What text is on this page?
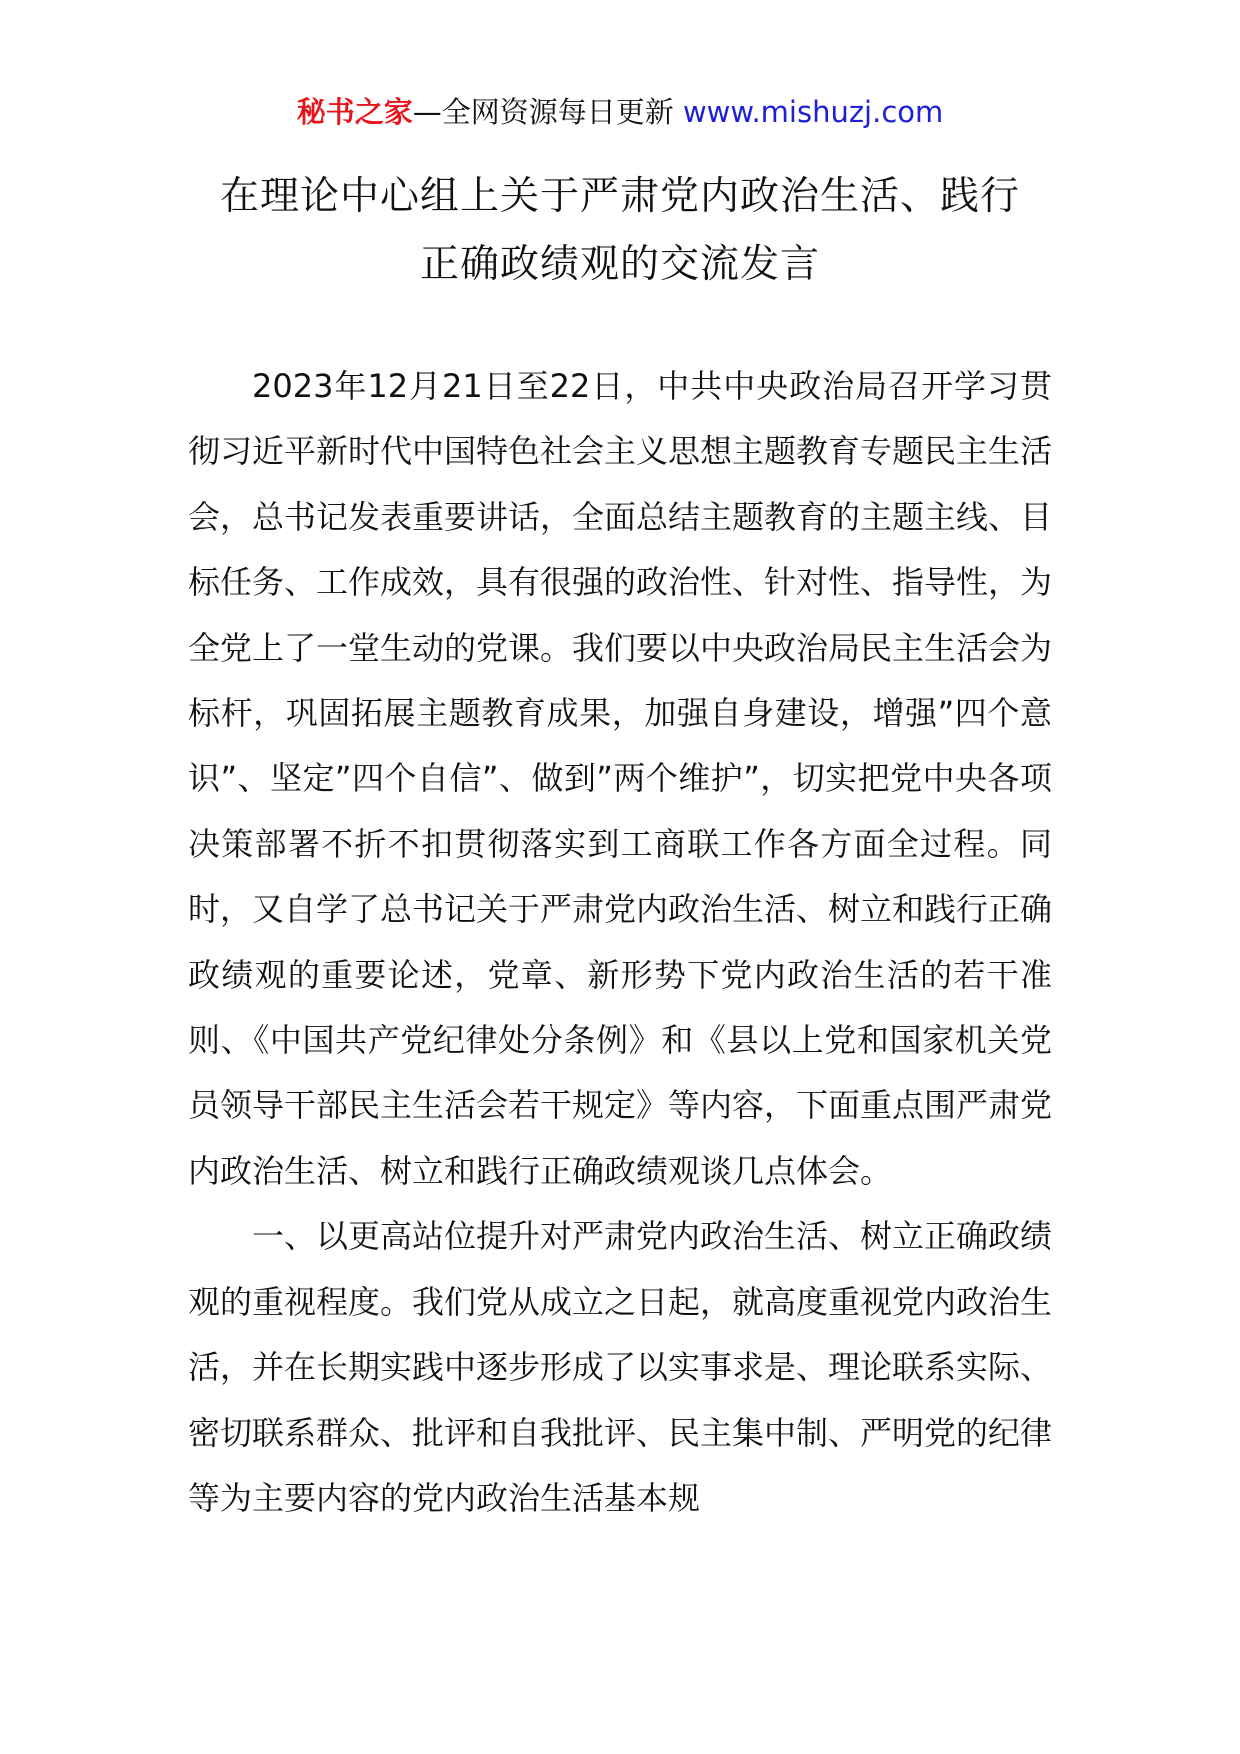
秘书之家—全网资源每日更新 www.mishuzj.com
在理论中心组上关于严肃党内政治生活、践行
正确政绩观的交流发言

2023年12月21日至22日，中共中央政治局召开学习贯彻习近平新时代中国特色社会主义思想主题教育专题民主生活会，总书记发表重要讲话，全面总结主题教育的主题主线、目标任务、工作成效，具有很强的政治性、针对性、指导性，为全党上了一堂生动的党课。我们要以中央政治局民主生活会为标杆，巩固拓展主题教育成果，加强自身建设，增强”四个意识”、坚定”四个自信”、做到”两个维护”，切实把党中央各项决策部署不折不扣贯彻落实到工商联工作各方面全过程。同时，又自学了总书记关于严肃党内政治生活、树立和践行正确政绩观的重要论述，党章、新形势下党内政治生活的若干准则、《中国共产党纪律处分条例》和《县以上党和国家机关党员领导干部民主生活会若干规定》等内容，下面重点围严肃党内政治生活、树立和践行正确政绩观谈几点体会。

一、以更高站位提升对严肃党内政治生活、树立正确政绩观的重视程度。我们党从成立之日起，就高度重视党内政治生活，并在长期实践中逐步形成了以实事求是、理论联系实际、密切联系群众、批评和自我批评、民主集中制、严明党的纪律等为主要内容的党内政治生活基本规
